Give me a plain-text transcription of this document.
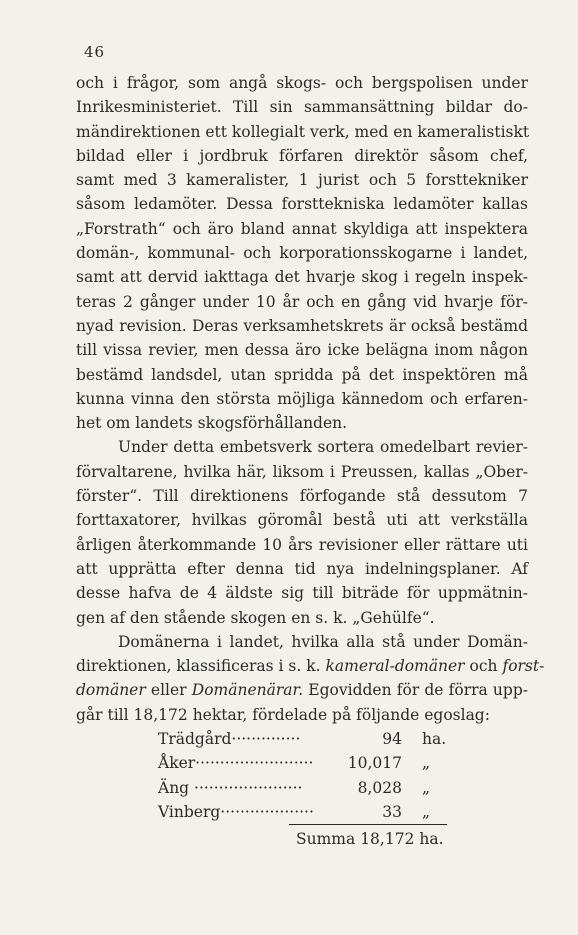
46
och i frågor, som angå skogs- och bergspolisen under
Inrikesministeriet. Till sin sammansättning bildar do-
mändirektionen ett kollegialt verk, med en kameralistiskt
bildad eller i jordbruk förfaren direktör såsom chef,
samt med 3 kameralister, 1 jurist och 5 forsttekniker
såsom ledamöter. Dessa forsttekniska ledamöter kallas
„Forstrath“ och äro bland annat skyldiga att inspektera
domän-, kommunal- och korporationsskogarne i landet,
samt att dervid iakttaga det hvarje skog i regeln inspek-
teras 2 gånger under 10 år och en gång vid hvarje för-
nyad revision. Deras verksamhetskrets är också bestämd
till vissa revier, men dessa äro icke belägna inom någon
bestämd landsdel, utan spridda på det inspektören må
kunna vinna den största möjliga kännedom och erfaren-
het om landets skogsförhållanden.
Under detta embetsverk sortera omedelbart revier-
förvaltarene, hvilka här, liksom i Preussen, kallas „Ober-
förster“. Till direktionens förfogande stå dessutom 7
forttaxatorer, hvilkas göromål bestå uti att verkställa
årligen återkommande 10 års revisioner eller rättare uti
att upprätta efter denna tid nya indelningsplaner. Af
desse hafva de 4 äldste sig till biträde för uppmätnin-
gen af den stående skogen en s. k. „Gehülfe“.
Domänerna i landet, hvilka alla stå under Domän-
direktionen, klassificeras i s. k. kameral-domäner och forst-
domäner eller Domänenärar. Egovidden för de förra upp-
går till 18,172 hektar, fördelade på följande egoslag:
Trädgård··············	94 ha.
Åker························ 10,017 „
Äng ······················	8,028 „
Vinberg···················	33 „
Summa 18,172 ha.
